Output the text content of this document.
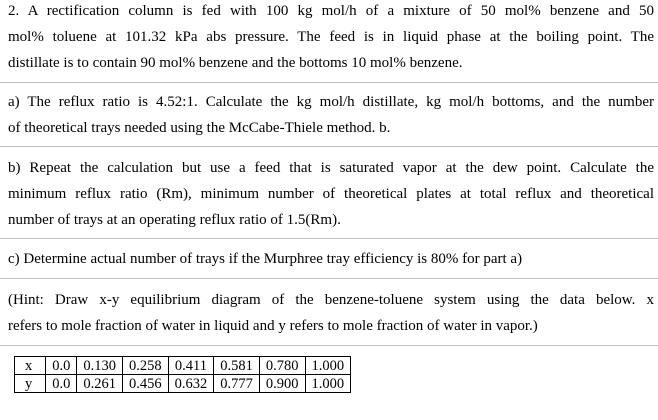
2. A rectification column is fed with 100 kg mol/h of a mixture of 50 mol% benzene and 50
mol% toluene at 101.32 kPa abs pressure. The feed is in liquid phase at the boiling point. The
distillate is to contain 90 mol% benzene and the bottoms 10 mol% benzene.
a) The reflux ratio is 4.52:1. Calculate the kg mol/h distillate, kg mol/h bottoms, and the number
of theoretical trays needed using the McCabe-Thiele method. b.
b) Repeat the calculation but use a feed that is saturated vapor at the dew point. Calculate the
minimum reflux ratio (Rm), minimum number of theoretical plates at total reflux and theoretical
number of trays at an operating reflux ratio of 1.5(Rm).
c) Determine actual number of trays if the Murphree tray efficiency is 80% for part a)
(Hint: Draw x-y equilibrium diagram of the benzene-toluene system using the data below. x
refers to mole fraction of water in liquid and y refers to mole fraction of water in vapor.)
x	0.0	0.130	0.258	0.411	0.581	0.780	1.000
y	0.0	0.261	0.456	0.632	0.777	0.900	1.000
